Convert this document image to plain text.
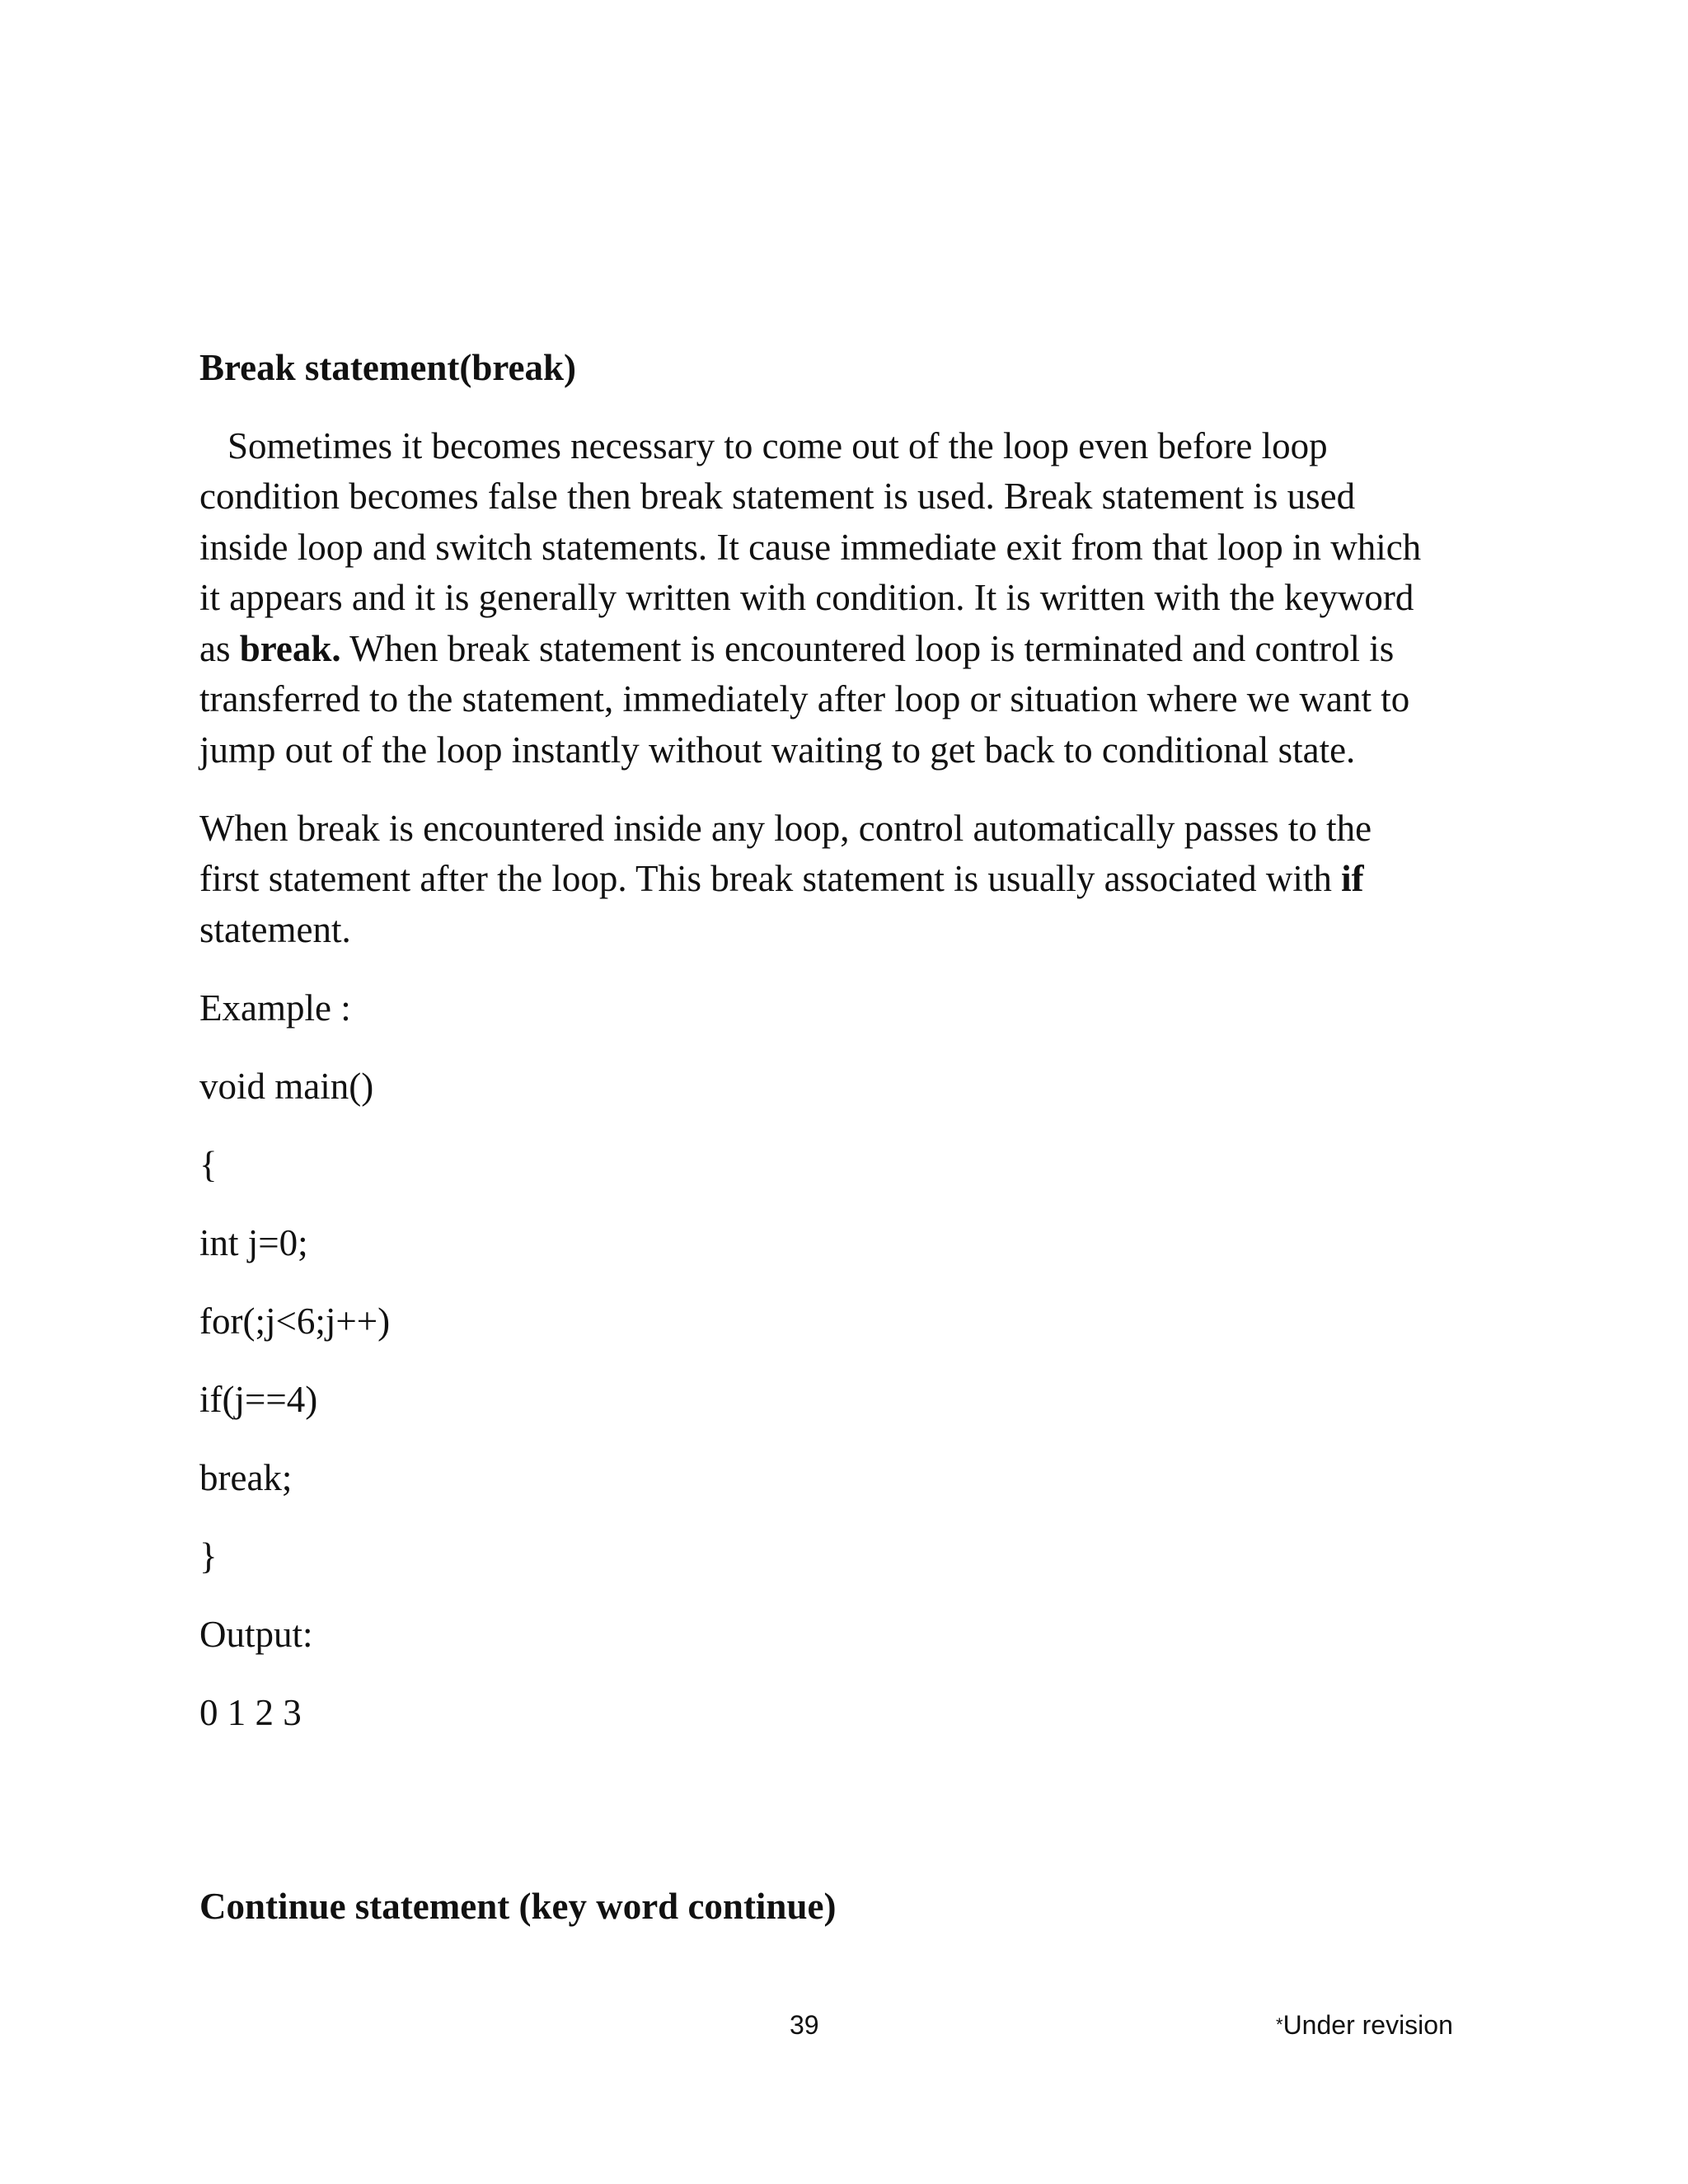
Break statement(break)

Sometimes it becomes necessary to come out of the loop even before loop

condition becomes false then break statement is used. Break statement is used

inside loop and switch statements. It cause immediate exit from that loop in which

it appears and it is generally written with condition. It is written with the keyword

as break. When break statement is encountered loop is terminated and control is

transferred to the statement, immediately after loop or situation where we want to

jump out of the loop instantly without waiting to get back to conditional state.

When break is encountered inside any loop, control automatically passes to the

first statement after the loop. This break statement is usually associated with if

statement.

Example :

void main()

{

int j=0;

for(;j<6;j++)

if(j==4)

break;

}

Output:

0 1 2 3

Continue statement (key word continue)

39	*Under revision
